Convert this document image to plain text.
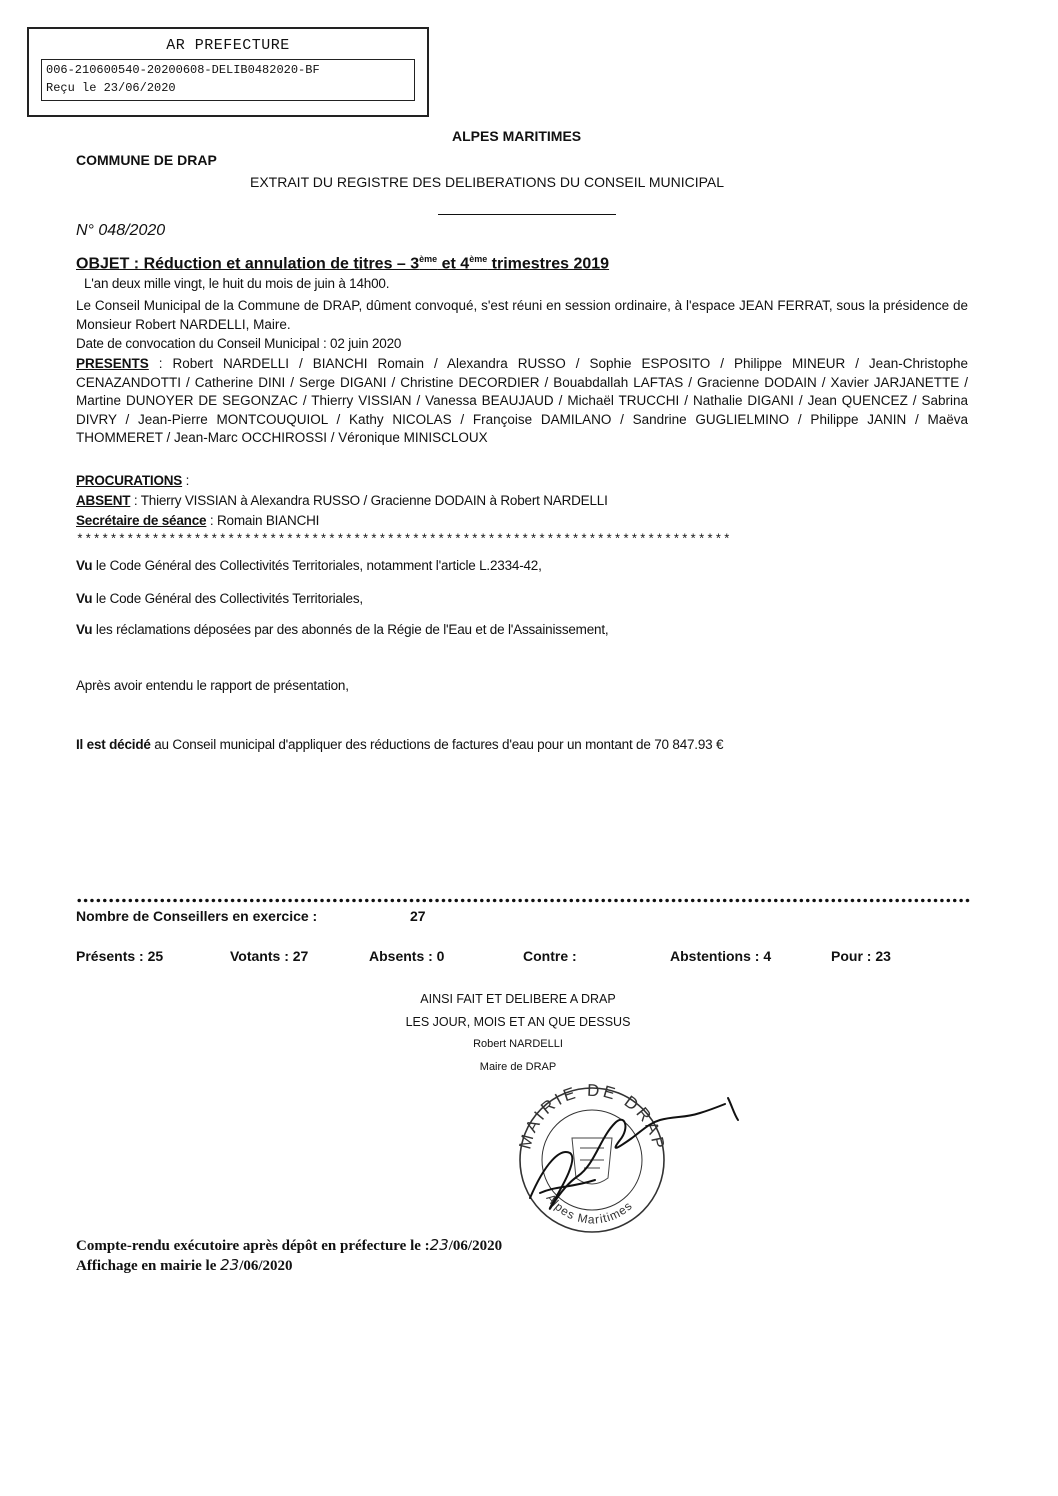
AR PREFECTURE
006-210600540-20200608-DELIB0482020-BF
Reçu le 23/06/2020
ALPES MARITIMES
COMMUNE DE DRAP
EXTRAIT DU REGISTRE DES DELIBERATIONS DU CONSEIL MUNICIPAL
N° 048/2020
OBJET : Réduction et annulation de titres – 3ème et 4ème trimestres 2019
L'an deux mille vingt, le huit du mois de juin à 14h00.
Le Conseil Municipal de la Commune de DRAP, dûment convoqué, s'est réuni en session ordinaire, à l'espace JEAN FERRAT, sous la présidence de Monsieur Robert NARDELLI, Maire.
Date de convocation du Conseil Municipal : 02 juin 2020
PRESENTS : Robert NARDELLI / BIANCHI Romain / Alexandra RUSSO / Sophie ESPOSITO / Philippe MINEUR / Jean-Christophe CENAZANDOTTI / Catherine DINI / Serge DIGANI / Christine DECORDIER / Bouabdallah LAFTAS / Gracienne DODAIN / Xavier JARJANETTE / Martine DUNOYER DE SEGONZAC / Thierry VISSIAN / Vanessa BEAUJAUD / Michaël TRUCCHI / Nathalie DIGANI / Jean QUENCEZ / Sabrina DIVRY / Jean-Pierre MONTCOUQUIOL / Kathy NICOLAS / Françoise DAMILANO / Sandrine GUGLIELMINO / Philippe JANIN / Maëva THOMMERET / Jean-Marc OCCHIROSSI / Véronique MINISCLOUX
PROCURATIONS :
ABSENT : Thierry VISSIAN à Alexandra RUSSO / Gracienne DODAIN à Robert NARDELLI
Secrétaire de séance : Romain BIANCHI
******************************************************************************
Vu le Code Général des Collectivités Territoriales, notamment l'article L.2334-42,
Vu le Code Général des Collectivités Territoriales,
Vu les réclamations déposées par des abonnés de la Régie de l'Eau et de l'Assainissement,
Après avoir entendu le rapport de présentation,
Il est décidé au Conseil municipal d'appliquer des réductions de factures d'eau pour un montant de 70 847.93 €
Nombre de Conseillers en exercice :	27
Présents : 25	Votants : 27	Absents : 0	Contre :	Abstentions : 4	Pour : 23
AINSI FAIT ET DELIBERE A DRAP
LES JOUR, MOIS ET AN QUE DESSUS
Robert NARDELLI
Maire de DRAP
MAIRIE DE DRAP
Alpes Maritimes
Compte-rendu exécutoire après dépôt en préfecture le :23/06/2020
Affichage en mairie le 23/06/2020
